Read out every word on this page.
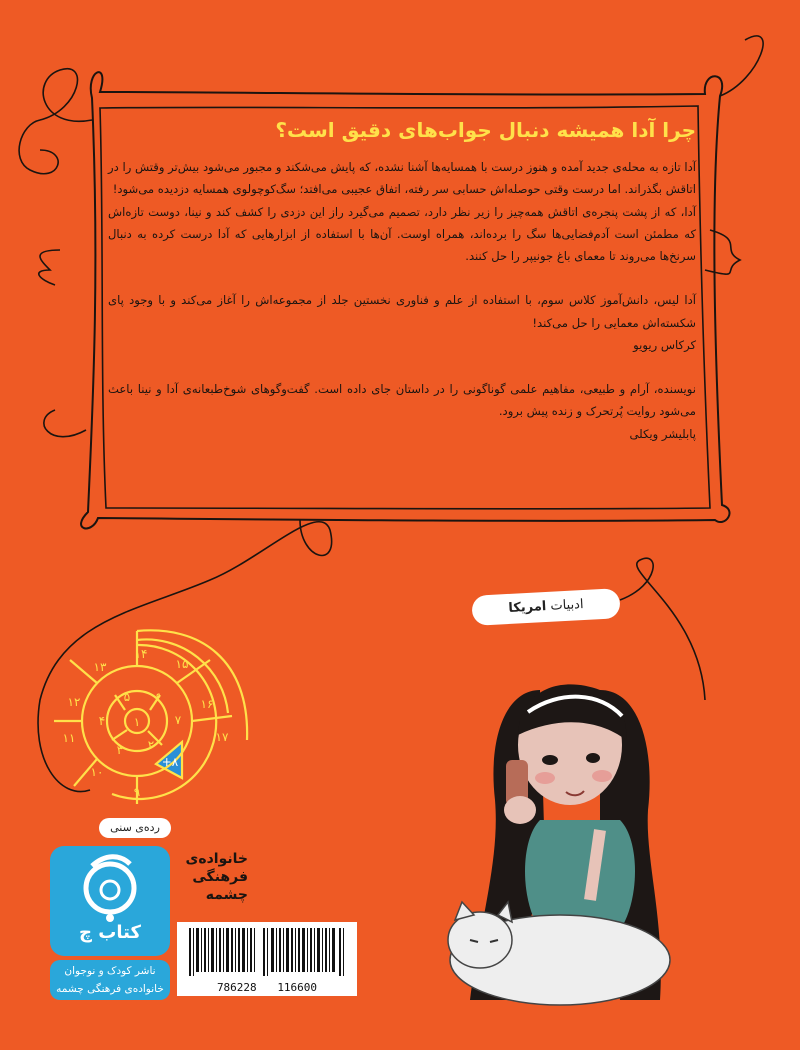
۱
۲
۳
۴
۵ ۶
۷
+۸
۹
۱۰
۱۱
۱۲
۱۳
۱۴
۱۵
۱۶
۱۷
چرا آدا همیشه دنبال جواب‌های دقیق است؟

آدا تازه به محله‌ی جدید آمده و هنوز درست با همسایه‌ها آشنا نشده، که پایش می‌شکند و مجبور می‌شود بیش‌تر وقتش را در اتاقش بگذراند. اما درست وقتی حوصله‌اش حسابی سر رفته، اتفاق عجیبی می‌افتد؛ سگ‌کوچولوی همسایه دزدیده می‌شود!

آدا، که از پشت پنجره‌ی اتاقش همه‌چیز را زیر نظر دارد، تصمیم می‌گیرد راز این دزدی را کشف کند و نینا، دوست تازه‌اش که مطمئن است آدم‌فضایی‌ها سگ را برده‌اند، همراه اوست. آن‌ها با استفاده از ابزارهایی که آدا درست کرده به دنبال سرنخ‌ها می‌روند تا معمای باغ جونیپر را حل کنند.

آدا لیس، دانش‌آموز کلاس سوم، با استفاده از علم و فناوری نخستین جلد از مجموعه‌اش را آغاز می‌کند و با وجود پای شکسته‌اش معمایی را حل می‌کند!

کرکاس ریویو

نویسنده، آرام و طبیعی، مفاهیم علمی گوناگونی را در داستان جای داده است. گفت‌وگوهای شوخ‌طبعانه‌ی آدا و نینا باعث می‌شود روایت پُرتحرک و زنده پیش برود.

پابلیشر ویکلی

ادبیات امریکا
رده‌ی سنی
کتاب چ
ناشر کودک و نوجوان
خانواده‌ی فرهنگی چشمه
خانواده‌ی
فرهنگی
چشمه
786228 116600
